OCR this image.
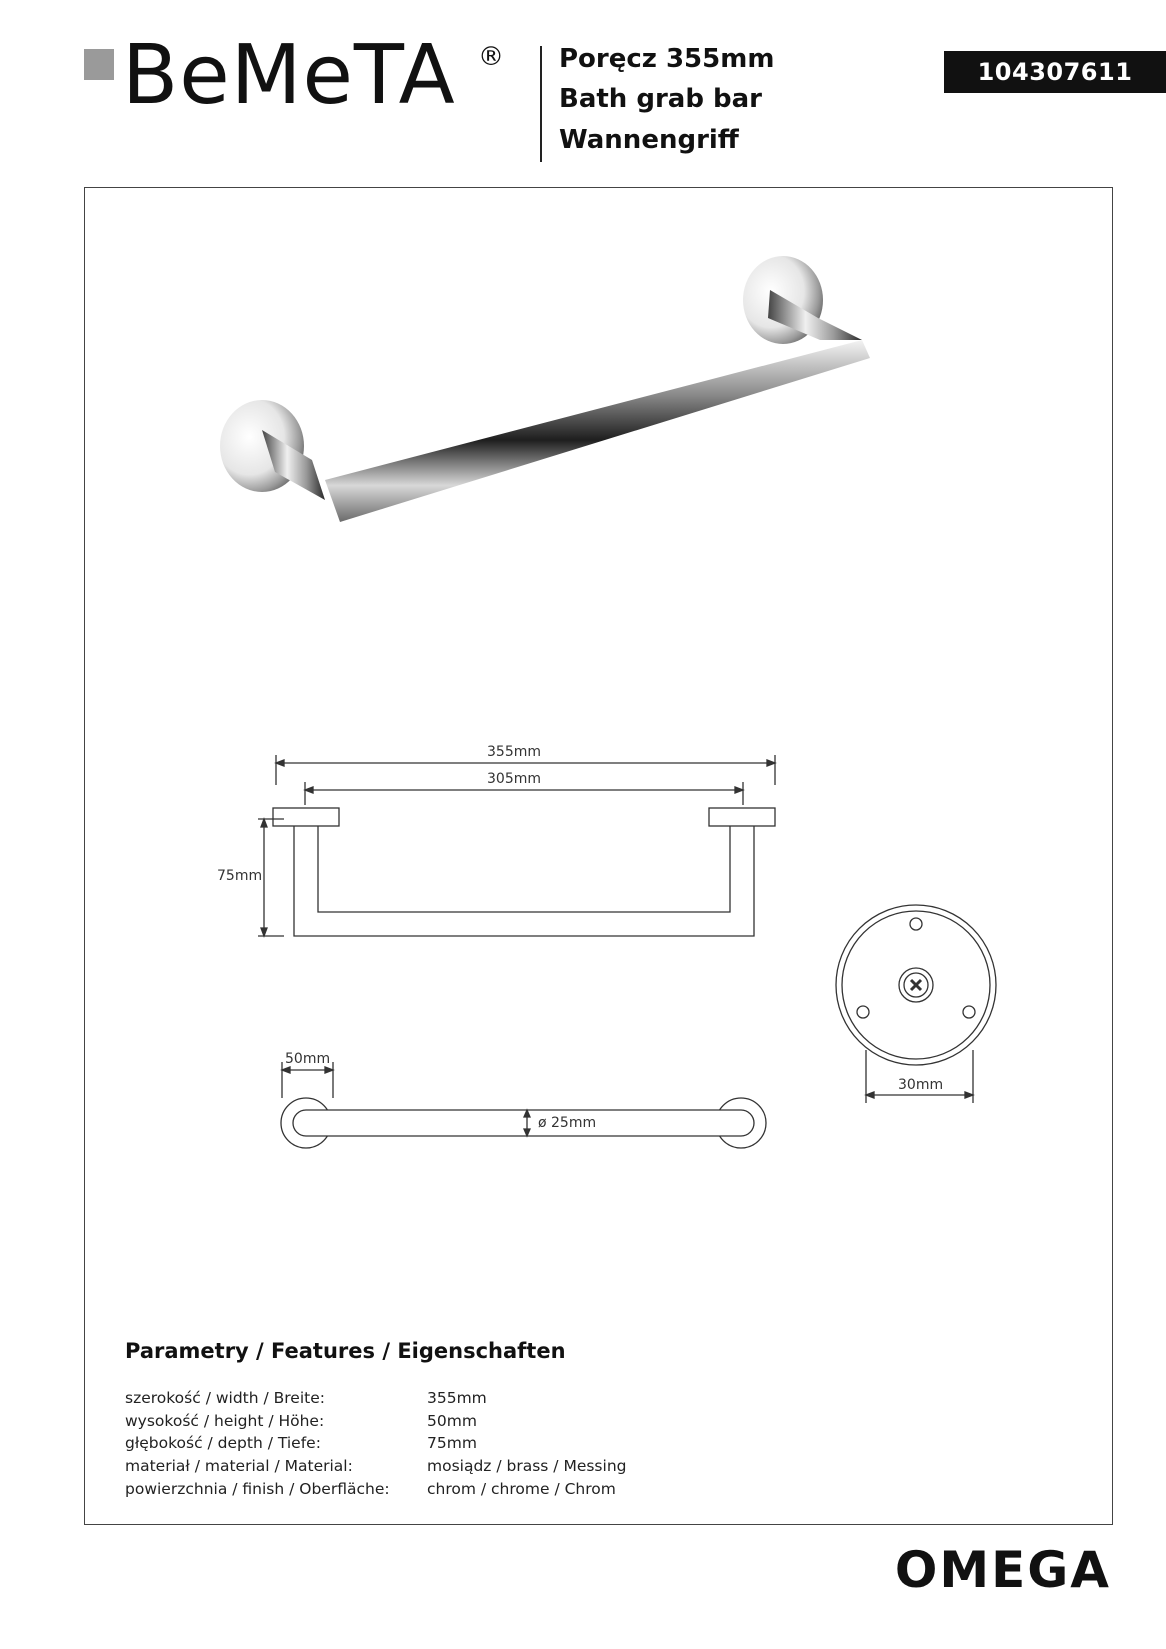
BeMeTA ® Poręcz 355mm
Bath grab bar
Wannengriff
104307611
355mm
305mm
75mm
50mm
ø 25mm
30mm
Parametry / Features / Eigenschaften
szerokość / width / Breite:	355mm
wysokość / height / Höhe:	50mm
głębokość / depth / Tiefe:	75mm
materiał / material / Material:	mosiądz / brass / Messing
powierzchnia / finish / Oberfläche: chrom / chrome / Chrom
OMEGA
